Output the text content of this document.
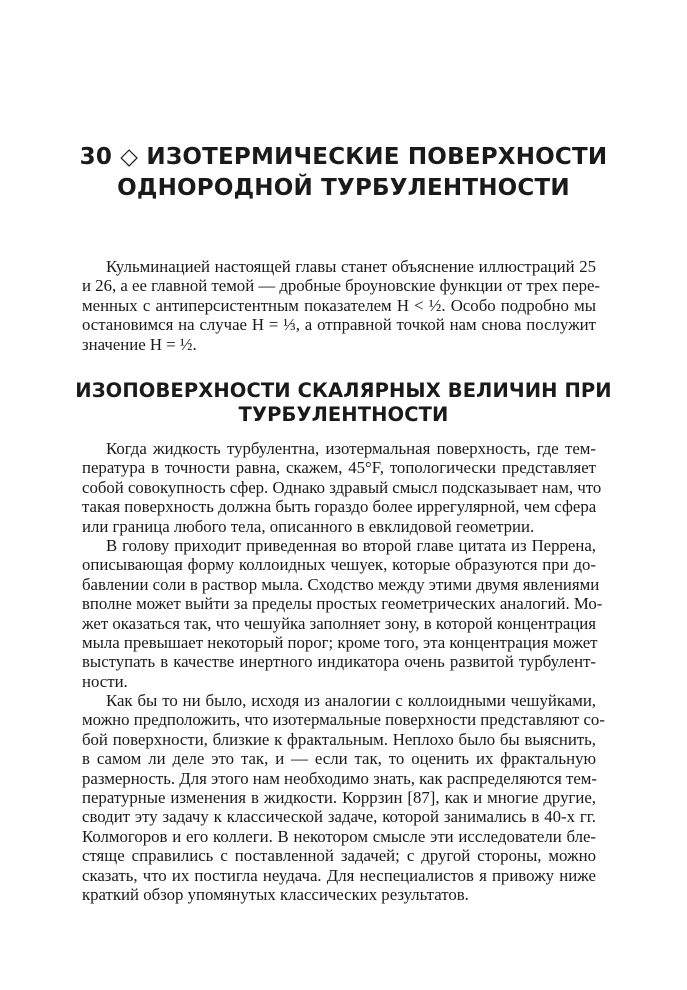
30 ◇ ИЗОТЕРМИЧЕСКИЕ ПОВЕРХНОСТИ
ОДНОРОДНОЙ ТУРБУЛЕНТНОСТИ
Кульминацией настоящей главы станет объяснение иллюстраций 25
и 26, а ее главной темой — дробные броуновские функции от трех пере-
менных с антиперсистентным показателем H < ½. Особо подробно мы
остановимся на случае H = ⅓, а отправной точкой нам снова послужит
значение H = ½.
ИЗОПОВЕРХНОСТИ СКАЛЯРНЫХ ВЕЛИЧИН ПРИ
ТУРБУЛЕНТНОСТИ
Когда жидкость турбулентна, изотермальная поверхность, где тем-
пература в точности равна, скажем, 45°F, топологически представляет
собой совокупность сфер. Однако здравый смысл подсказывает нам, что
такая поверхность должна быть гораздо более иррегулярной, чем сфера
или граница любого тела, описанного в евклидовой геометрии.
В голову приходит приведенная во второй главе цитата из Перрена,
описывающая форму коллоидных чешуек, которые образуются при до-
бавлении соли в раствор мыла. Сходство между этими двумя явлениями
вполне может выйти за пределы простых геометрических аналогий. Мо-
жет оказаться так, что чешуйка заполняет зону, в которой концентрация
мыла превышает некоторый порог; кроме того, эта концентрация может
выступать в качестве инертного индикатора очень развитой турбулент-
ности.
Как бы то ни было, исходя из аналогии с коллоидными чешуйками,
можно предположить, что изотермальные поверхности представляют со-
бой поверхности, близкие к фрактальным. Неплохо было бы выяснить,
в самом ли деле это так, и — если так, то оценить их фрактальную
размерность. Для этого нам необходимо знать, как распределяются тем-
пературные изменения в жидкости. Коррзин [87], как и многие другие,
сводит эту задачу к классической задаче, которой занимались в 40-х гг.
Колмогоров и его коллеги. В некотором смысле эти исследователи бле-
стяще справились с поставленной задачей; с другой стороны, можно
сказать, что их постигла неудача. Для неспециалистов я привожу ниже
краткий обзор упомянутых классических результатов.
